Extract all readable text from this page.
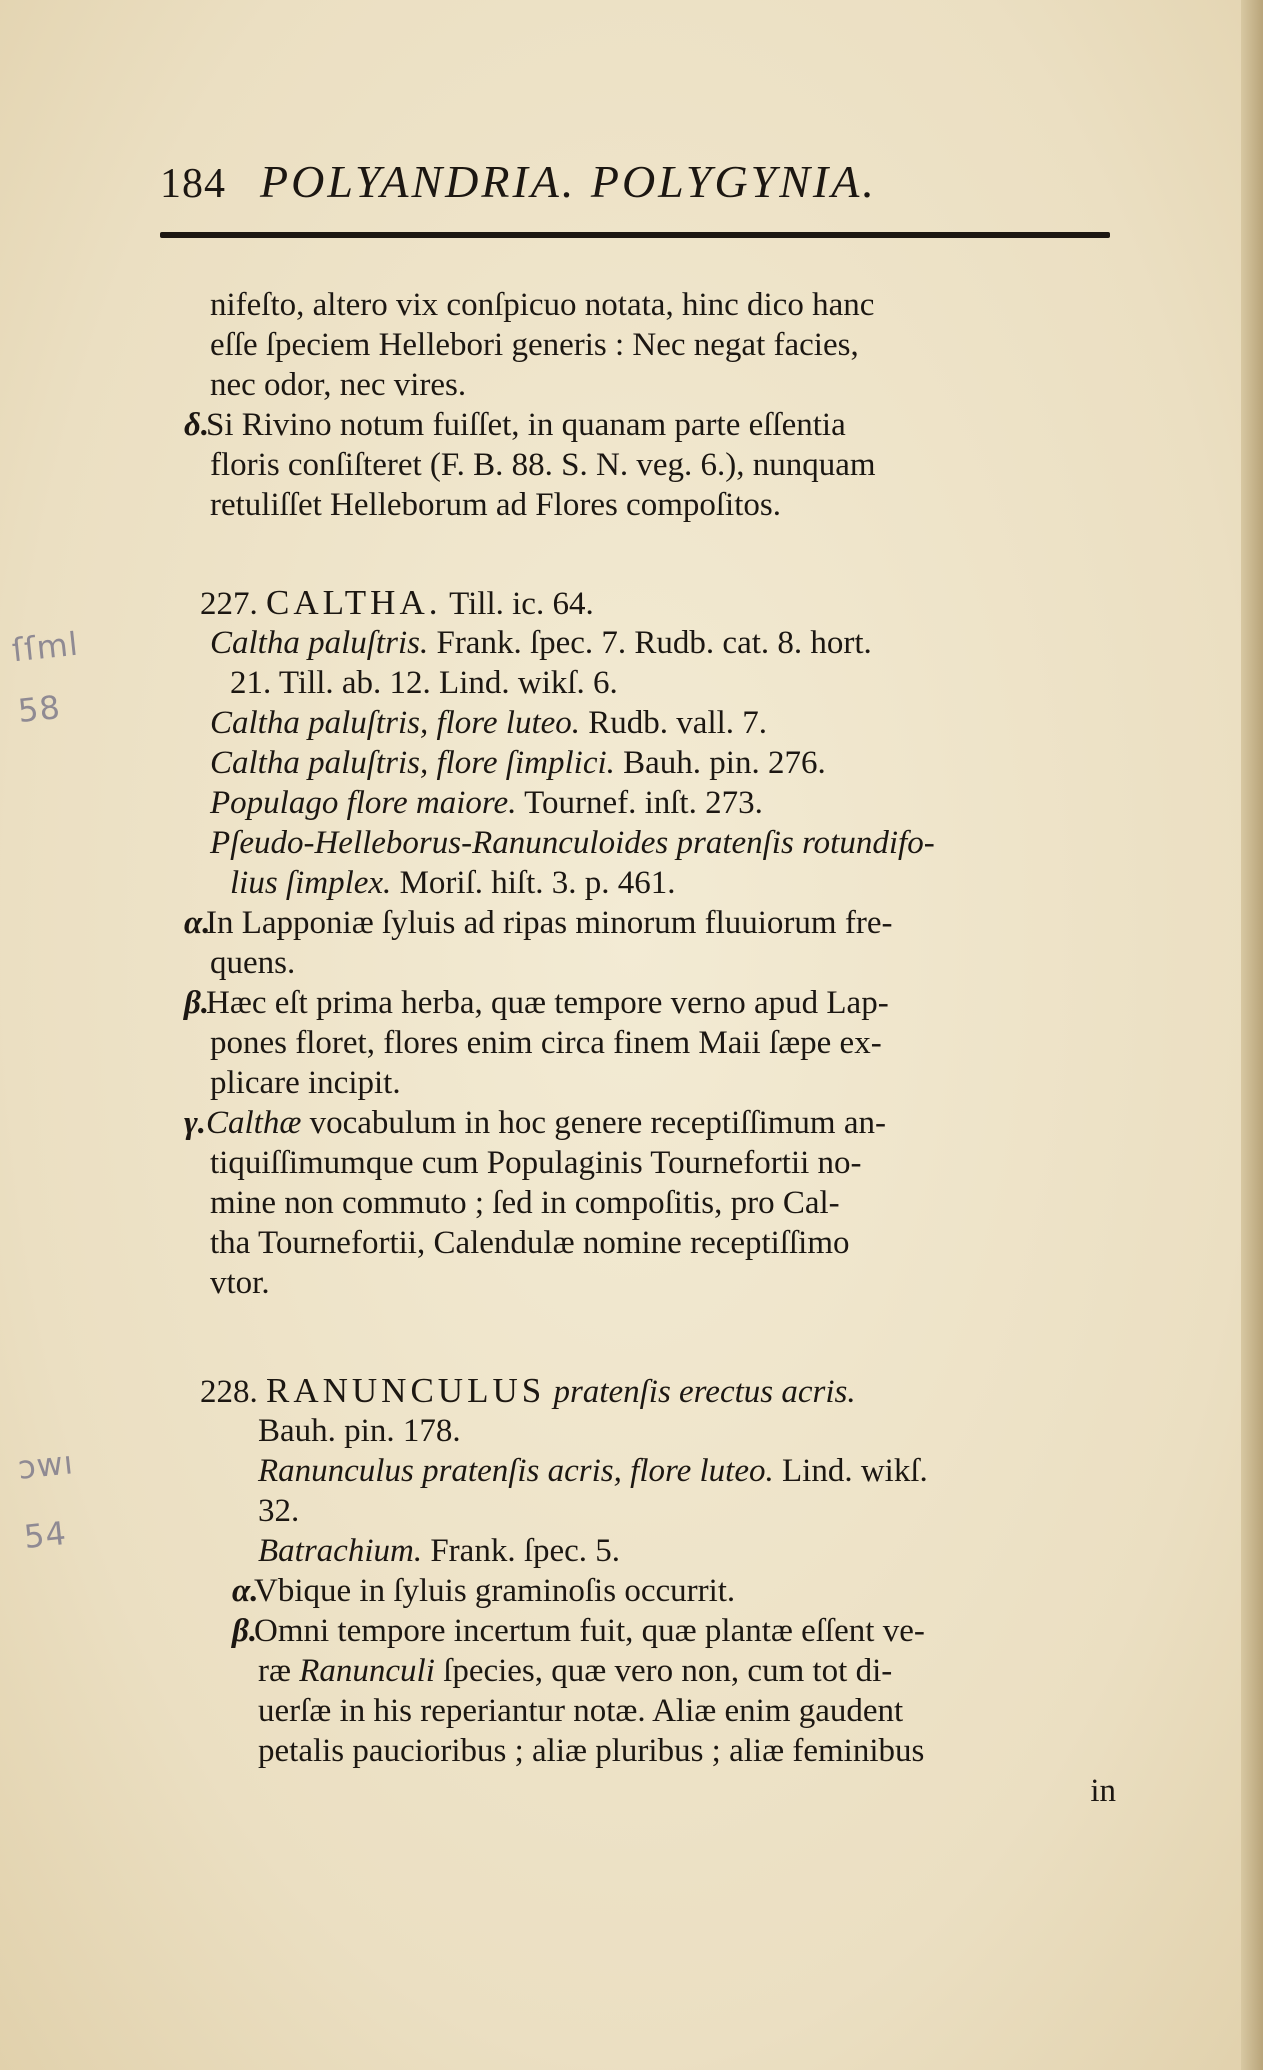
184 POLYANDRIA. POLYGYNIA.
ſſml
58
ɔwı
54
nifeſto, altero vix conſpicuo notata, hinc dico hanc
eſſe ſpeciem Hellebori generis : Nec negat facies,
nec odor, nec vires.
δ.Si Rivino notum fuiſſet, in quanam parte eſſentia
floris conſiſteret (F. B. 88. S. N. veg. 6.), nunquam
retuliſſet Helleborum ad Flores compoſitos.
227. CALTHA. Till. ic. 64.
Caltha paluſtris. Frank. ſpec. 7. Rudb. cat. 8. hort.
21. Till. ab. 12. Lind. wikſ. 6.
Caltha paluſtris, flore luteo. Rudb. vall. 7.
Caltha paluſtris, flore ſimplici. Bauh. pin. 276.
Populago flore maiore. Tournef. inſt. 273.
Pſeudo-Helleborus-Ranunculoides pratenſis rotundifo-
lius ſimplex. Moriſ. hiſt. 3. p. 461.
α.In Lapponiæ ſyluis ad ripas minorum fluuiorum fre-
quens.
β.Hæc eſt prima herba, quæ tempore verno apud Lap-
pones floret, flores enim circa finem Maii ſæpe ex-
plicare incipit.
γ.Calthæ vocabulum in hoc genere receptiſſimum an-
tiquiſſimumque cum Populaginis Tournefortii no-
mine non commuto ; ſed in compoſitis, pro Cal-
tha Tournefortii, Calendulæ nomine receptiſſimo
vtor.
228. RANUNCULUS pratenſis erectus acris.
Bauh. pin. 178.
Ranunculus pratenſis acris, flore luteo. Lind. wikſ.
32.
Batrachium. Frank. ſpec. 5.
α.Vbique in ſyluis graminoſis occurrit.
β.Omni tempore incertum fuit, quæ plantæ eſſent ve-
ræ Ranunculi ſpecies, quæ vero non, cum tot di-
uerſæ in his reperiantur notæ. Aliæ enim gaudent
petalis paucioribus ; aliæ pluribus ; aliæ feminibus
in
